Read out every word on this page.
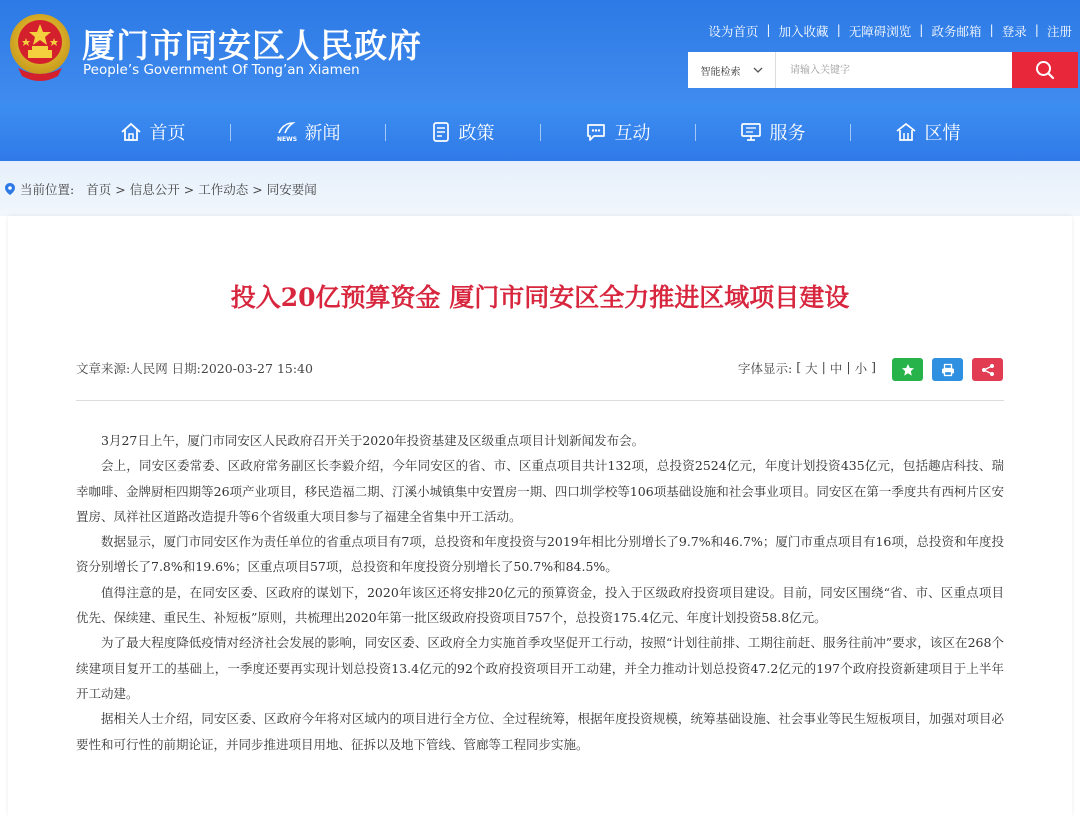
厦门市同安区人民政府
People’s Government Of Tong’an Xiamen
设为首页 | 加入收藏 | 无障碍浏览 | 政务邮箱 | 登录 | 注册
智能检索
请输入关键字
首页	NEWS 新闻	政策	互动	服务	区情
当前位置: 首页 > 信息公开 > 工作动态 > 同安要闻
投入20亿预算资金 厦门市同安区全力推进区域项目建设
文章来源:人民网 日期:2020-03-27 15:40	字体显示: [ 大 | 中 | 小 ]

3月27日上午，厦门市同安区人民政府召开关于2020年投资基建及区级重点项目计划新闻发布会。

会上，同安区委常委、区政府常务副区长李毅介绍，今年同安区的省、市、区重点项目共计132项，总投资2524亿元，年度计划投资435亿元，包括趣店科技、瑞幸咖啡、金牌厨柜四期等26项产业项目，移民造福二期、汀溪小城镇集中安置房一期、四口圳学校等106项基础设施和社会事业项目。同安区在第一季度共有西柯片区安置房、凤祥社区道路改造提升等6个省级重大项目参与了福建全省集中开工活动。

数据显示，厦门市同安区作为责任单位的省重点项目有7项，总投资和年度投资与2019年相比分别增长了9.7%和46.7%；厦门市重点项目有16项，总投资和年度投资分别增长了7.8%和19.6%；区重点项目57项，总投资和年度投资分别增长了50.7%和84.5%。

值得注意的是，在同安区委、区政府的谋划下，2020年该区还将安排20亿元的预算资金，投入于区级政府投资项目建设。目前，同安区围绕“省、市、区重点项目优先、保续建、重民生、补短板”原则，共梳理出2020年第一批区级政府投资项目757个，总投资175.4亿元、年度计划投资58.8亿元。

为了最大程度降低疫情对经济社会发展的影响，同安区委、区政府全力实施首季攻坚促开工行动，按照“计划往前排、工期往前赶、服务往前冲”要求，该区在268个续建项目复开工的基础上，一季度还要再实现计划总投资13.4亿元的92个政府投资项目开工动建，并全力推动计划总投资47.2亿元的197个政府投资新建项目于上半年开工动建。

据相关人士介绍，同安区委、区政府今年将对区域内的项目进行全方位、全过程统筹，根据年度投资规模，统筹基础设施、社会事业等民生短板项目，加强对项目必要性和可行性的前期论证，并同步推进项目用地、征拆以及地下管线、管廊等工程同步实施。
